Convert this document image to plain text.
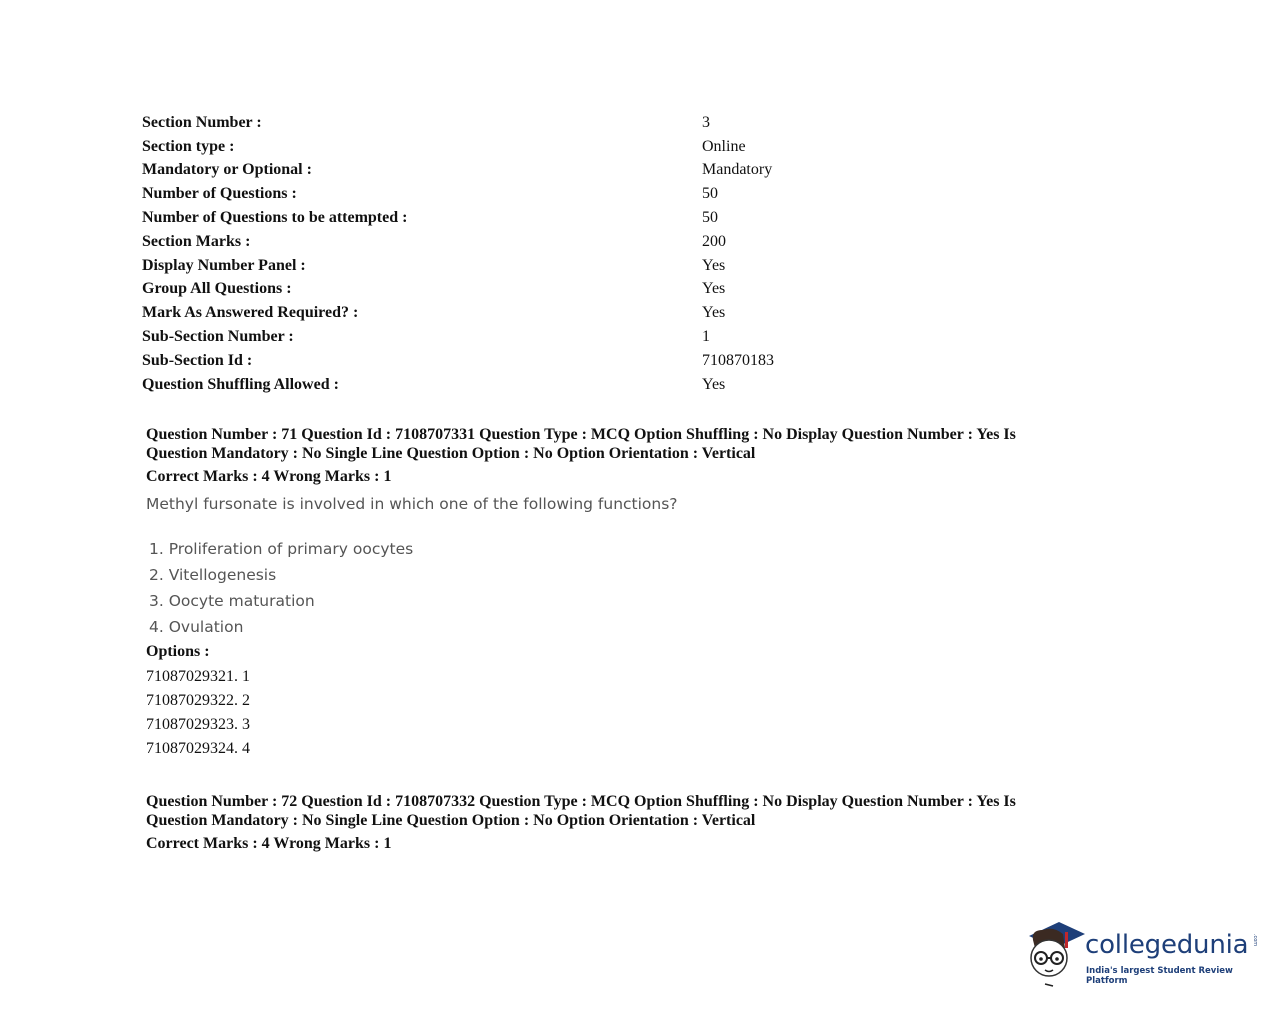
Section Number :	3
Section type :	Online
Mandatory or Optional :	Mandatory
Number of Questions :	50
Number of Questions to be attempted :	50
Section Marks :	200
Display Number Panel :	Yes
Group All Questions :	Yes
Mark As Answered Required? :	Yes
Sub-Section Number :	1
Sub-Section Id :	710870183
Question Shuffling Allowed :	Yes
Question Number : 71 Question Id : 7108707331 Question Type : MCQ Option Shuffling : No Display Question Number : Yes Is
Question Mandatory : No Single Line Question Option : No Option Orientation : Vertical
Correct Marks : 4 Wrong Marks : 1
Methyl fursonate is involved in which one of the following functions?
1. Proliferation of primary oocytes
2. Vitellogenesis
3. Oocyte maturation
4. Ovulation
Options :
71087029321. 1
71087029322. 2
71087029323. 3
71087029324. 4
Question Number : 72 Question Id : 7108707332 Question Type : MCQ Option Shuffling : No Display Question Number : Yes Is
Question Mandatory : No Single Line Question Option : No Option Orientation : Vertical
Correct Marks : 4 Wrong Marks : 1
collegedunia .com
India's largest Student Review Platform
